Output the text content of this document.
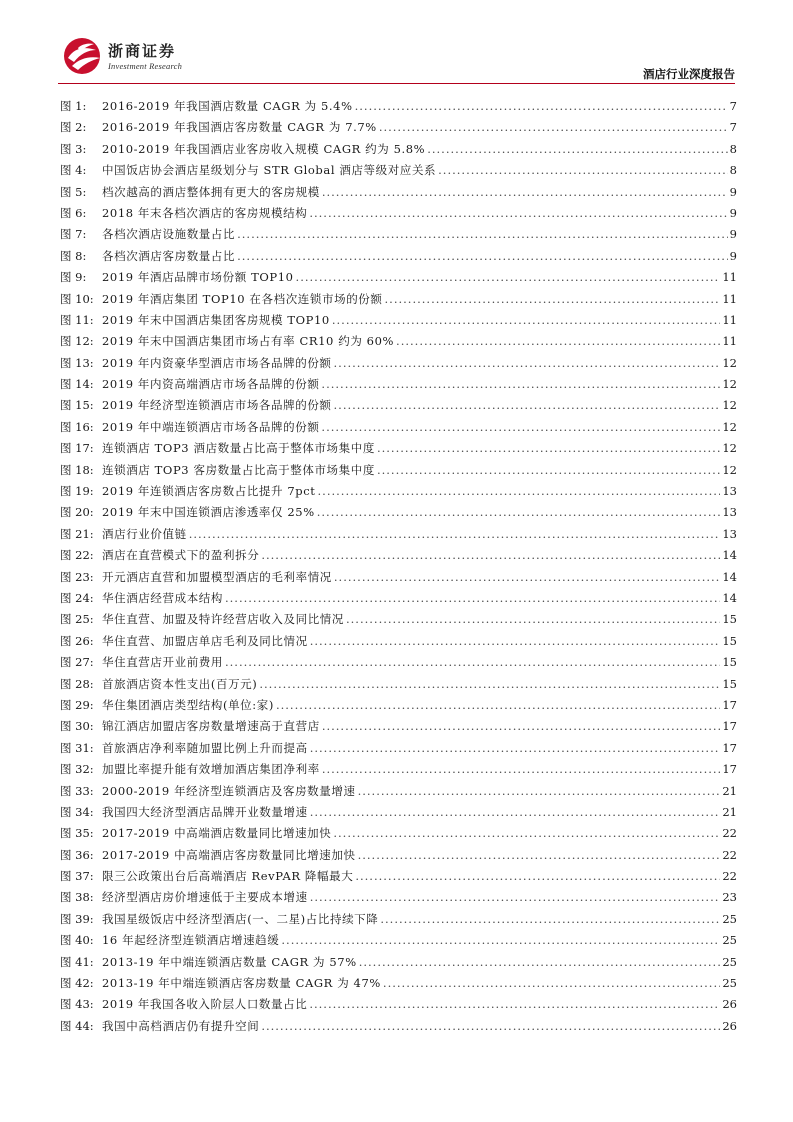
浙商证券
Investment Research
酒店行业深度报告
图 1:	2016-2019 年我国酒店数量 CAGR 为 5.4% .....	7
图 2:	2016-2019 年我国酒店客房数量 CAGR 为 7.7% .....	7
图 3:	2010-2019 年我国酒店业客房收入规模 CAGR 约为 5.8% .....	8
图 4:	中国饭店协会酒店星级划分与 STR Global 酒店等级对应关系 .....	8
图 5:	档次越高的酒店整体拥有更大的客房规模 .....	9
图 6:	2018 年末各档次酒店的客房规模结构 .....	9
图 7:	各档次酒店设施数量占比 .....	9
图 8:	各档次酒店客房数量占比 .....	9
图 9:	2019 年酒店品牌市场份额 TOP10 .....	11
图 10: 2019 年酒店集团 TOP10 在各档次连锁市场的份额 .....	11
图 11: 2019 年末中国酒店集团客房规模 TOP10 .....	11
图 12: 2019 年末中国酒店集团市场占有率 CR10 约为 60% .....	11
图 13: 2019 年内资豪华型酒店市场各品牌的份额 .....	12
图 14: 2019 年内资高端酒店市场各品牌的份额 .....	12
图 15: 2019 年经济型连锁酒店市场各品牌的份额 .....	12
图 16: 2019 年中端连锁酒店市场各品牌的份额 .....	12
图 17: 连锁酒店 TOP3 酒店数量占比高于整体市场集中度 .....	12
图 18: 连锁酒店 TOP3 客房数量占比高于整体市场集中度 .....	12
图 19: 2019 年连锁酒店客房数占比提升 7pct .....	13
图 20: 2019 年末中国连锁酒店渗透率仅 25% .....	13
图 21: 酒店行业价值链 .....	13
图 22: 酒店在直营模式下的盈利拆分 .....	14
图 23: 开元酒店直营和加盟模型酒店的毛利率情况 .....	14
图 24: 华住酒店经营成本结构 .....	14
图 25: 华住直营、加盟及特许经营店收入及同比情况 .....	15
图 26: 华住直营、加盟店单店毛利及同比情况 .....	15
图 27: 华住直营店开业前费用 .....	15
图 28: 首旅酒店资本性支出(百万元) .....	15
图 29: 华住集团酒店类型结构(单位:家) .....	17
图 30: 锦江酒店加盟店客房数量增速高于直营店 .....	17
图 31: 首旅酒店净利率随加盟比例上升而提高 .....	17
图 32: 加盟比率提升能有效增加酒店集团净利率 .....	17
图 33: 2000-2019 年经济型连锁酒店及客房数量增速 .....	21
图 34: 我国四大经济型酒店品牌开业数量增速 .....	21
图 35: 2017-2019 中高端酒店数量同比增速加快 .....	22
图 36: 2017-2019 中高端酒店客房数量同比增速加快 .....	22
图 37: 限三公政策出台后高端酒店 RevPAR 降幅最大 .....	22
图 38: 经济型酒店房价增速低于主要成本增速 .....	23
图 39: 我国星级饭店中经济型酒店(一、二星)占比持续下降 .....	25
图 40: 16 年起经济型连锁酒店增速趋缓 .....	25
图 41: 2013-19 年中端连锁酒店数量 CAGR 为 57% .....	25
图 42: 2013-19 年中端连锁酒店客房数量 CAGR 为 47% .....	25
图 43: 2019 年我国各收入阶层人口数量占比 .....	26
图 44: 我国中高档酒店仍有提升空间 .....	26
